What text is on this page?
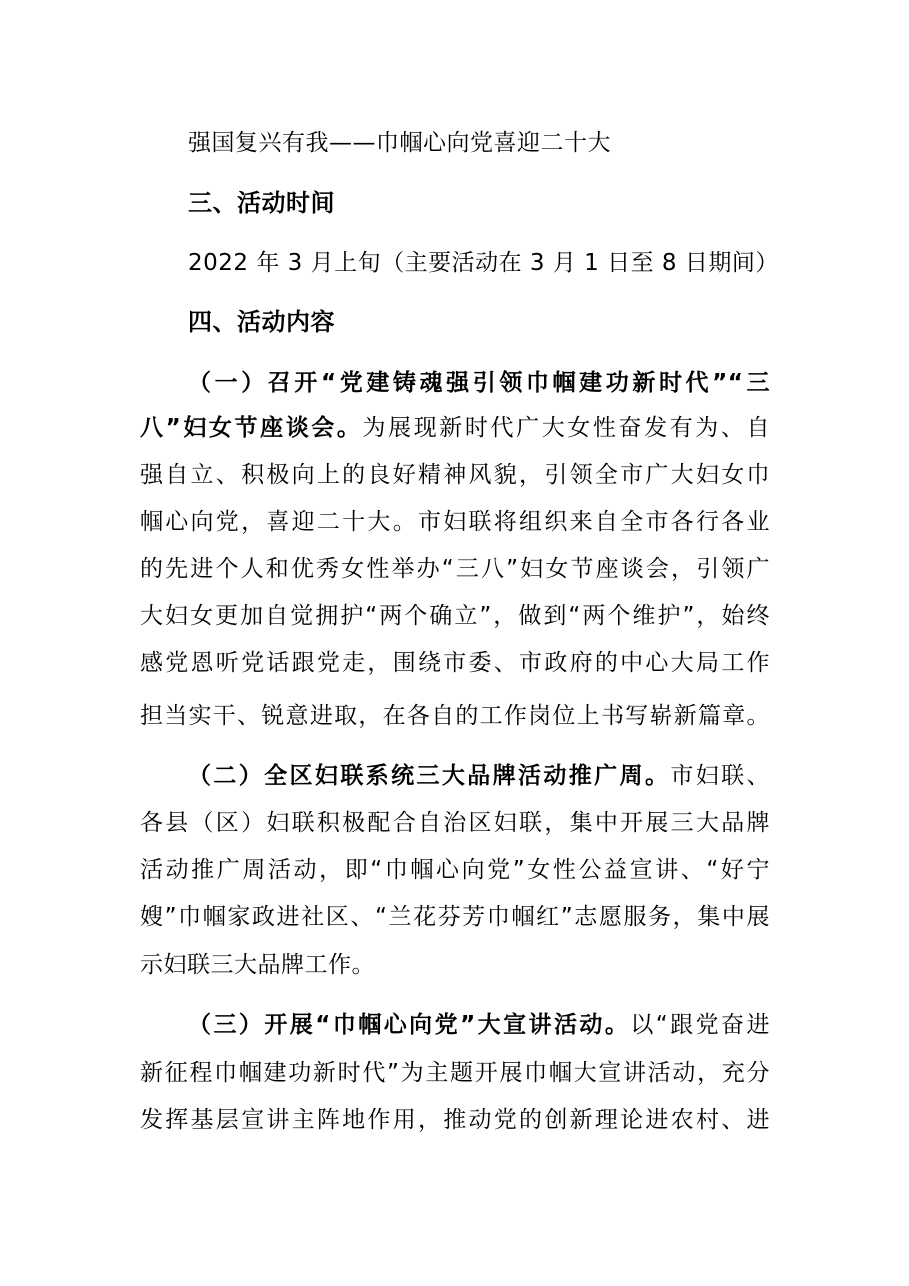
强国复兴有我——巾帼心向党喜迎二十大
三、活动时间
2022 年 3 月上旬（主要活动在 3 月 1 日至 8 日期间）
四、活动内容
（一）召开“党建铸魂强引领巾帼建功新时代”“三
八”妇女节座谈会。为展现新时代广大女性奋发有为、自
强自立、积极向上的良好精神风貌，引领全市广大妇女巾
帼心向党，喜迎二十大。市妇联将组织来自全市各行各业
的先进个人和优秀女性举办“三八”妇女节座谈会，引领广
大妇女更加自觉拥护“两个确立”，做到“两个维护”，始终
感党恩听党话跟党走，围绕市委、市政府的中心大局工作
担当实干、锐意进取，在各自的工作岗位上书写崭新篇章。
（二）全区妇联系统三大品牌活动推广周。市妇联、
各县（区）妇联积极配合自治区妇联，集中开展三大品牌
活动推广周活动，即“巾帼心向党”女性公益宣讲、“好宁
嫂”巾帼家政进社区、“兰花芬芳巾帼红”志愿服务，集中展
示妇联三大品牌工作。
（三）开展“巾帼心向党”大宣讲活动。以“跟党奋进
新征程巾帼建功新时代”为主题开展巾帼大宣讲活动，充分
发挥基层宣讲主阵地作用，推动党的创新理论进农村、进
